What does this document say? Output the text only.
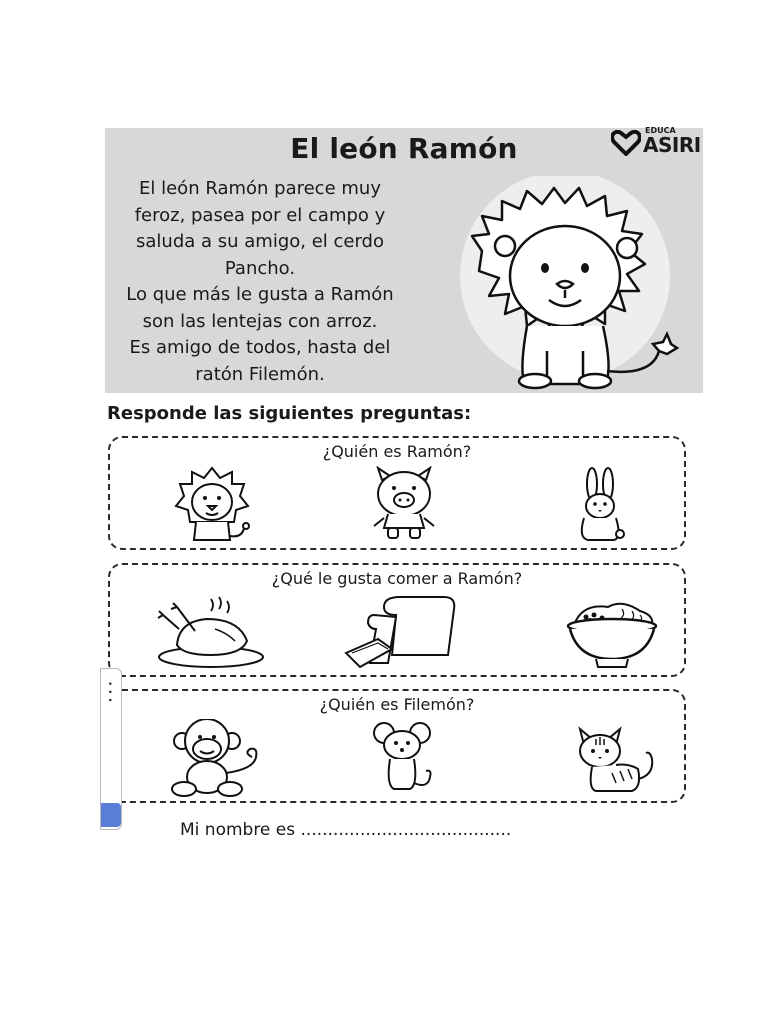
El león Ramón
EDUCA
ASIRI
El león Ramón parece muy
feroz, pasea por el campo y
saluda a su amigo, el cerdo
Pancho.
Lo que más le gusta a Ramón
son las lentejas con arroz.
Es amigo de todos, hasta del
ratón Filemón.
Responde las siguientes preguntas:
¿Quién es Ramón?
¿Qué le gusta comer a Ramón?
¿Quién es Filemón?
Mi nombre es .......................................
• • •
